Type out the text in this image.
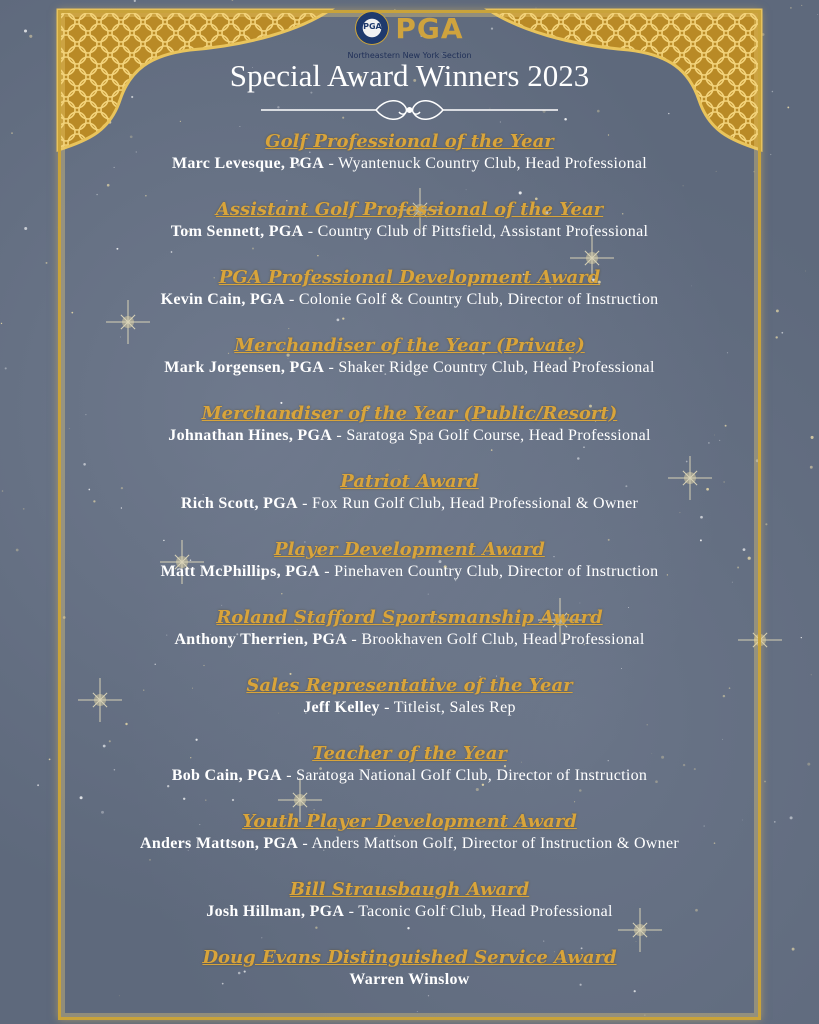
PGA PGA
Northeastern New York Section
Special Award Winners 2023
Golf Professional of the Year
Marc Levesque, PGA - Wyantenuck Country Club, Head Professional
Assistant Golf Professional of the Year
Tom Sennett, PGA - Country Club of Pittsfield, Assistant Professional
PGA Professional Development Award
Kevin Cain, PGA - Colonie Golf & Country Club, Director of Instruction
Merchandiser of the Year (Private)
Mark Jorgensen, PGA - Shaker Ridge Country Club, Head Professional
Merchandiser of the Year (Public/Resort)
Johnathan Hines, PGA - Saratoga Spa Golf Course, Head Professional
Patriot Award
Rich Scott, PGA - Fox Run Golf Club, Head Professional & Owner
Player Development Award
Matt McPhillips, PGA - Pinehaven Country Club, Director of Instruction
Roland Stafford Sportsmanship Award
Anthony Therrien, PGA - Brookhaven Golf Club, Head Professional
Sales Representative of the Year
Jeff Kelley - Titleist, Sales Rep
Teacher of the Year
Bob Cain, PGA - Saratoga National Golf Club, Director of Instruction
Youth Player Development Award
Anders Mattson, PGA - Anders Mattson Golf, Director of Instruction & Owner
Bill Strausbaugh Award
Josh Hillman, PGA - Taconic Golf Club, Head Professional
Doug Evans Distinguished Service Award
Warren Winslow
